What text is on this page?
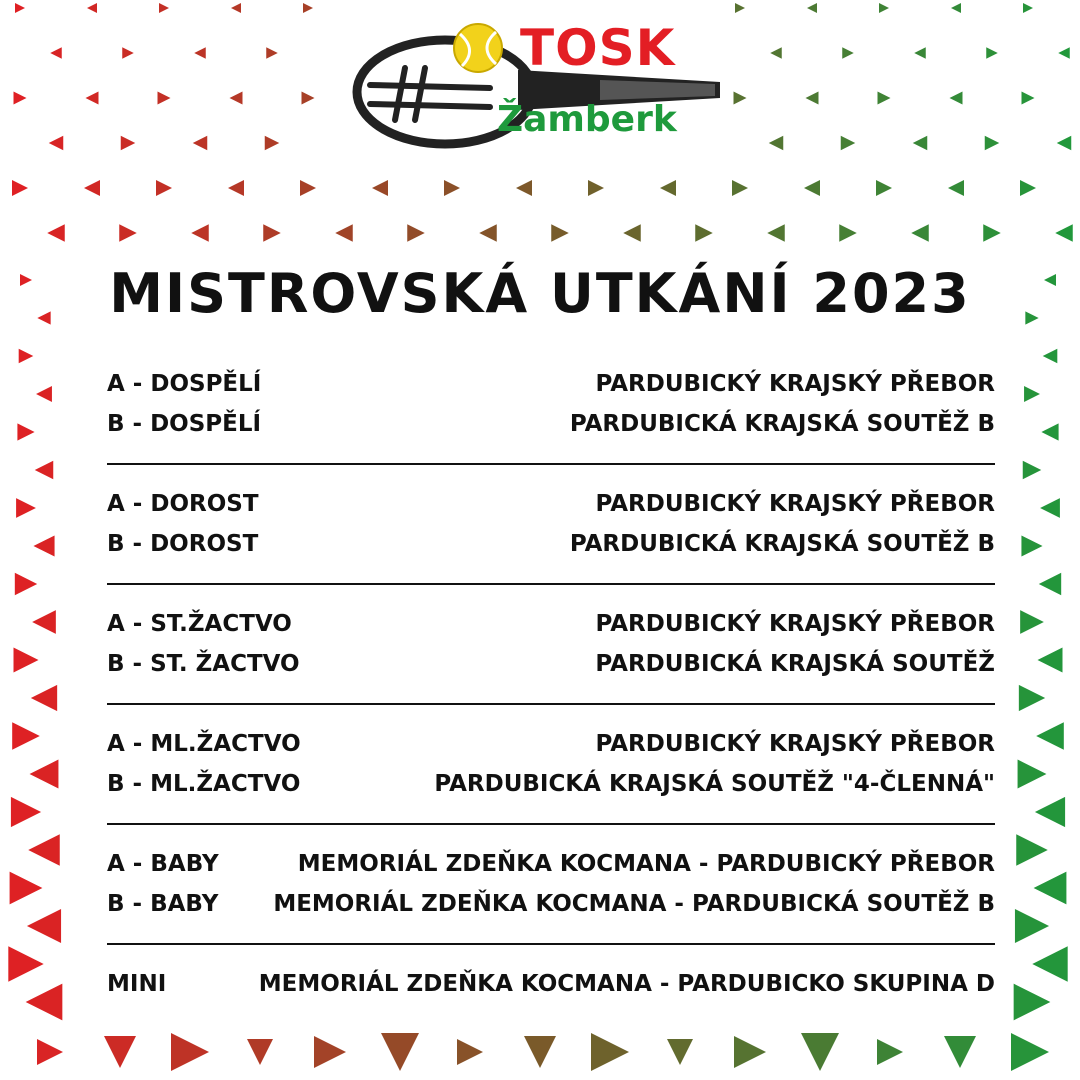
TOSK
Žamberk
MISTROVSKÁ UTKÁNÍ 2023
A - DOSPĚLÍ	PARDUBICKÝ KRAJSKÝ PŘEBOR
B - DOSPĚLÍ	PARDUBICKÁ KRAJSKÁ SOUTĚŽ B
A - DOROST	PARDUBICKÝ KRAJSKÝ PŘEBOR
B - DOROST	PARDUBICKÁ KRAJSKÁ SOUTĚŽ B
A - ST.ŽACTVO	PARDUBICKÝ KRAJSKÝ PŘEBOR
B - ST. ŽACTVO	PARDUBICKÁ KRAJSKÁ SOUTĚŽ
A - ML.ŽACTVO	PARDUBICKÝ KRAJSKÝ PŘEBOR
B - ML.ŽACTVO	PARDUBICKÁ KRAJSKÁ SOUTĚŽ "4-ČLENNÁ"
A - BABY	MEMORIÁL ZDEŇKA KOCMANA - PARDUBICKÝ PŘEBOR
B - BABY MEMORIÁL ZDEŇKA KOCMANA - PARDUBICKÁ SOUTĚŽ B
MINI	MEMORIÁL ZDEŇKA KOCMANA - PARDUBICKO SKUPINA D
